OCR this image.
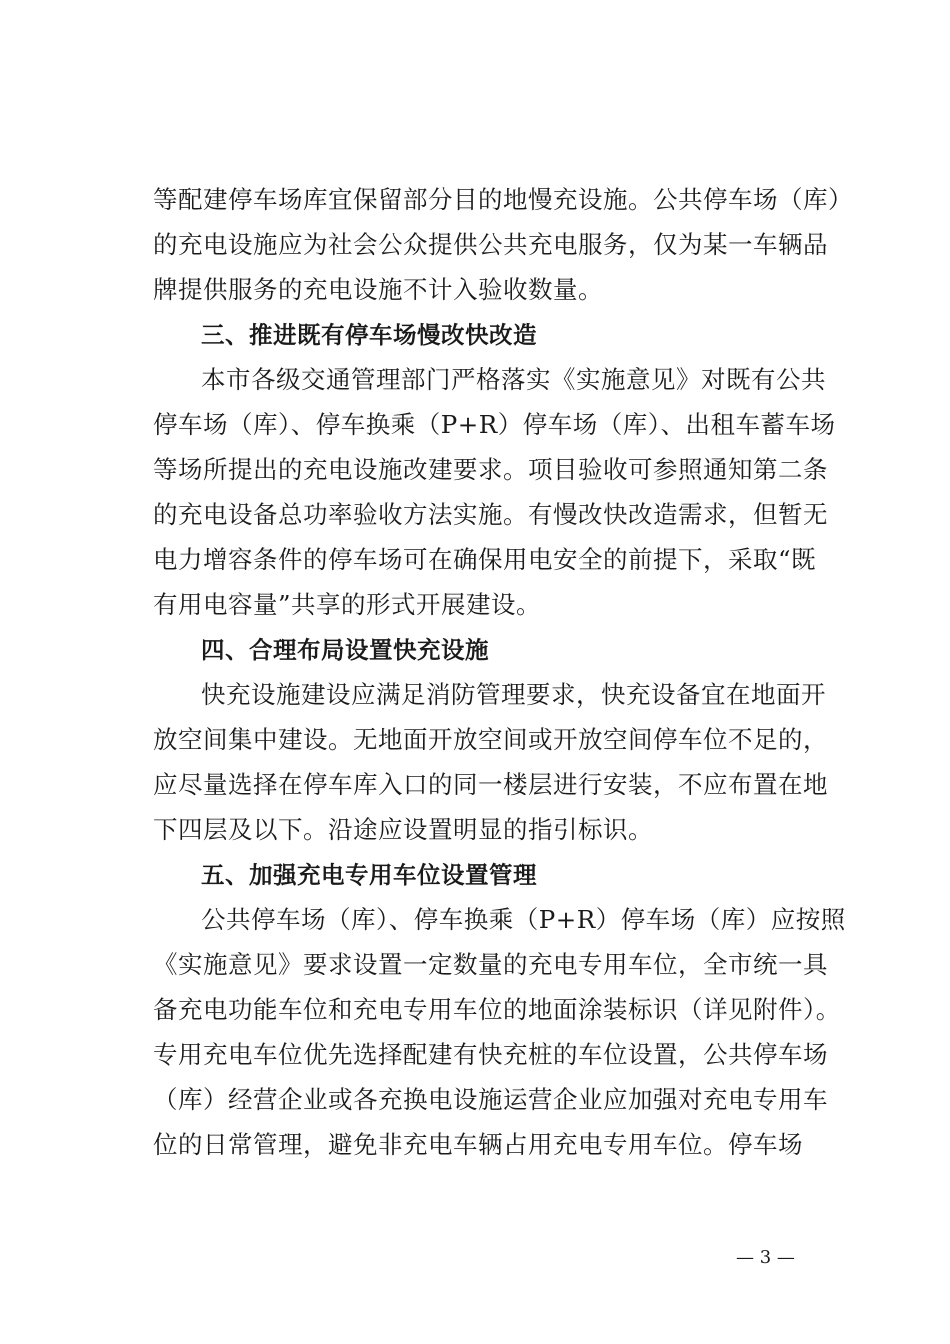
等配建停车场库宜保留部分目的地慢充设施。公共停车场（库）
的充电设施应为社会公众提供公共充电服务，仅为某一车辆品
牌提供服务的充电设施不计入验收数量。
三、推进既有停车场慢改快改造
本市各级交通管理部门严格落实《实施意见》对既有公共
停车场（库）、停车换乘（P+R）停车场（库）、出租车蓄车场
等场所提出的充电设施改建要求。项目验收可参照通知第二条
的充电设备总功率验收方法实施。有慢改快改造需求，但暂无
电力增容条件的停车场可在确保用电安全的前提下，采取“既
有用电容量”共享的形式开展建设。
四、合理布局设置快充设施
快充设施建设应满足消防管理要求，快充设备宜在地面开
放空间集中建设。无地面开放空间或开放空间停车位不足的，
应尽量选择在停车库入口的同一楼层进行安装，不应布置在地
下四层及以下。沿途应设置明显的指引标识。
五、加强充电专用车位设置管理
公共停车场（库）、停车换乘（P+R）停车场（库）应按照
《实施意见》要求设置一定数量的充电专用车位，全市统一具
备充电功能车位和充电专用车位的地面涂装标识（详见附件）。
专用充电车位优先选择配建有快充桩的车位设置，公共停车场
（库）经营企业或各充换电设施运营企业应加强对充电专用车
位的日常管理，避免非充电车辆占用充电专用车位。停车场
— 3 —
